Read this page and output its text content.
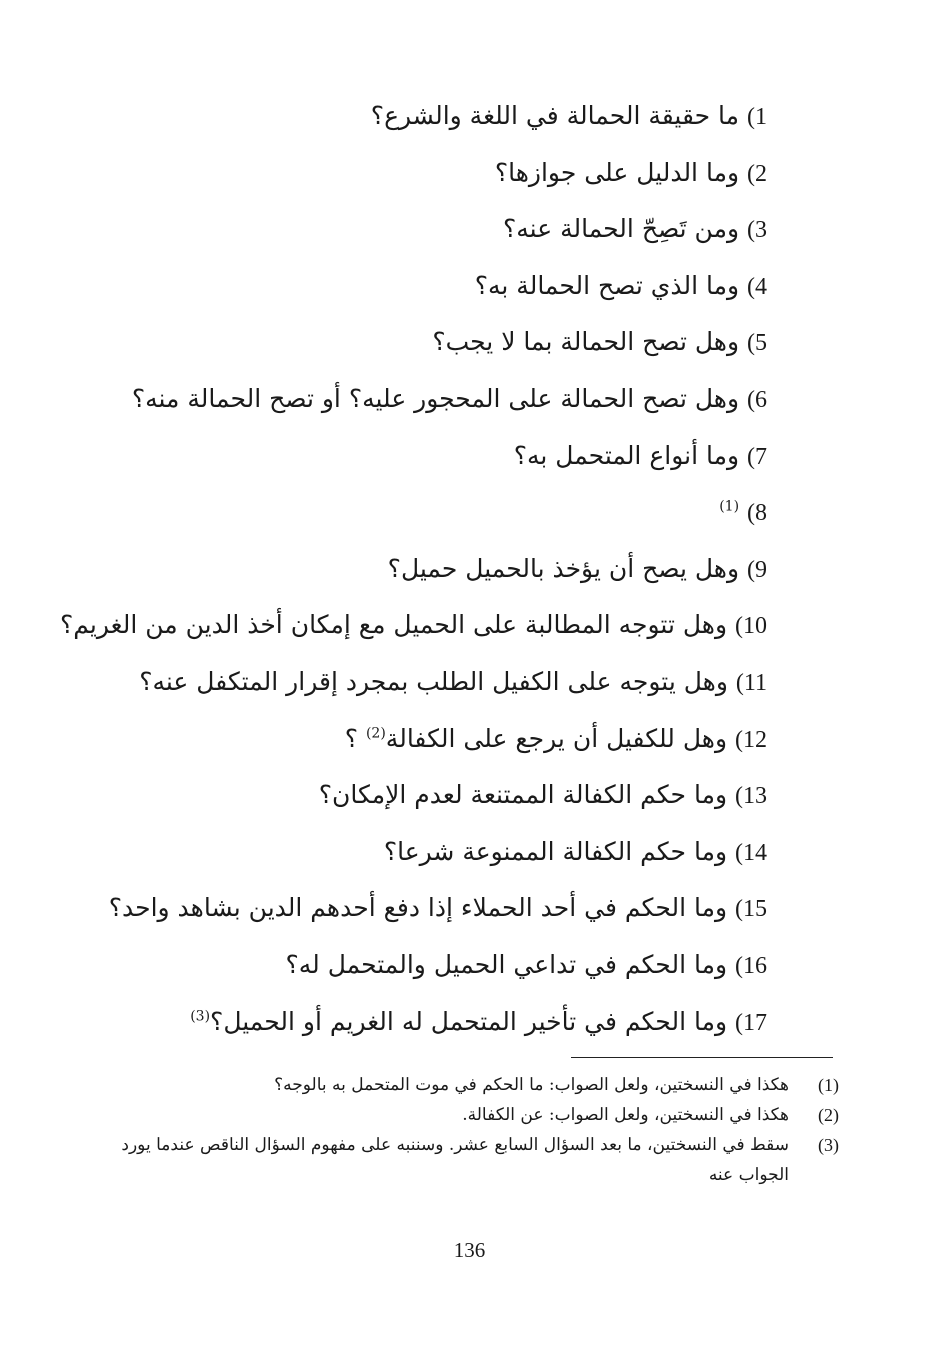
1) ما حقيقة الحمالة في اللغة والشرع؟
2) وما الدليل على جوازها؟
3) ومن تَصِحّ الحمالة عنه؟
4) وما الذي تصح الحمالة به؟
5) وهل تصح الحمالة بما لا يجب؟
6) وهل تصح الحمالة على المحجور عليه؟ أو تصح الحمالة منه؟
7) وما أنواع المتحمل به؟
8) $^{(1)}$
9) وهل يصح أن يؤخذ بالحميل حميل؟
10) وهل تتوجه المطالبة على الحميل مع إمكان أخذ الدين من الغريم؟
11) وهل يتوجه على الكفيل الطلب بمجرد إقرار المتكفل عنه؟
12) وهل للكفيل أن يرجع على الكفالة$^{(2)}$ ؟
13) وما حكم الكفالة الممتنعة لعدم الإمكان؟
14) وما حكم الكفالة الممنوعة شرعا؟
15) وما الحكم في أحد الحملاء إذا دفع أحدهم الدين بشاهد واحد؟
16) وما الحكم في تداعي الحميل والمتحمل له؟
17) وما الحكم في تأخير المتحمل له الغريم أو الحميل؟$^{(3)}$
(1)
هكذا في النسختين، ولعل الصواب: ما الحكم في موت المتحمل به بالوجه؟
(2)
هكذا في النسختين، ولعل الصواب: عن الكفالة.
(3)
سقط في النسختين، ما بعد السؤال السابع عشر. وسننبه على مفهوم السؤال الناقص عندما يورد الجواب عنه
136
